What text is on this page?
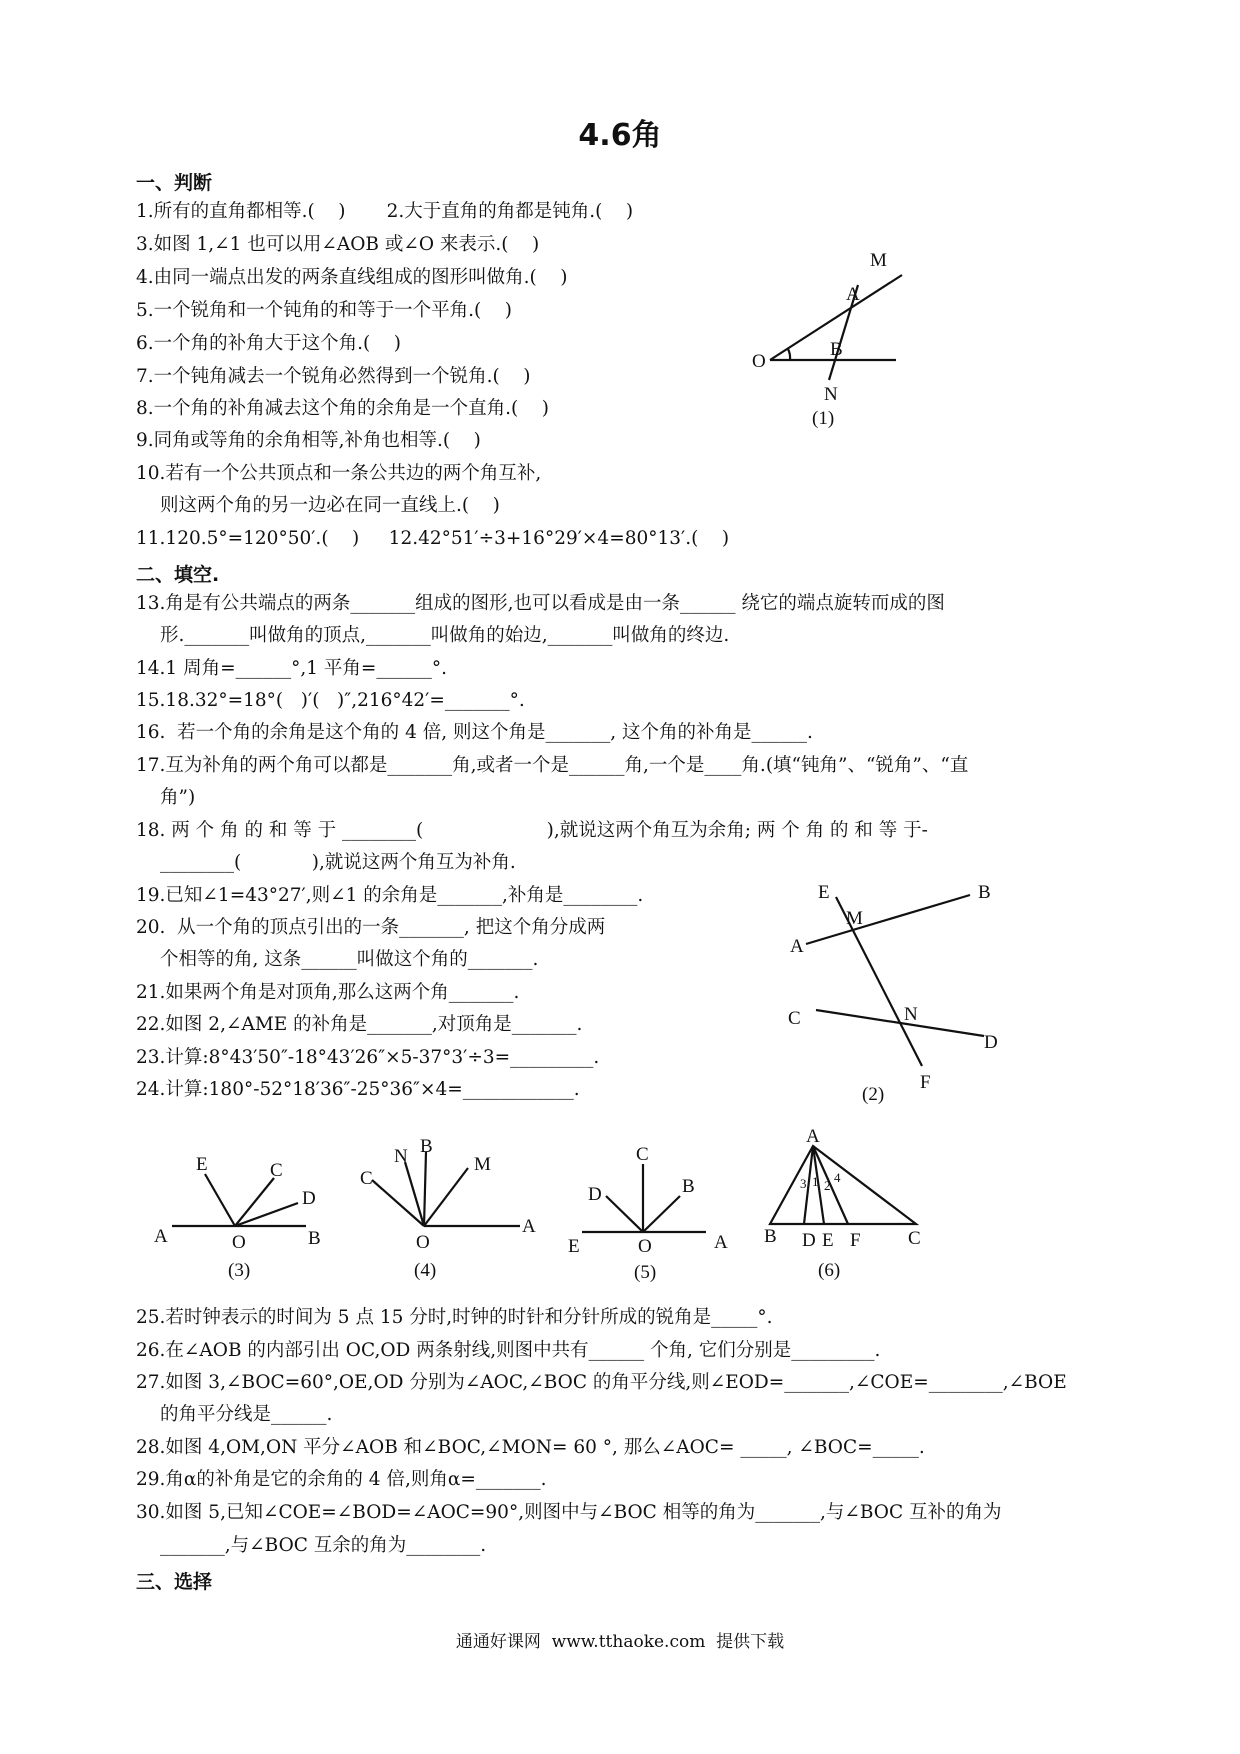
4.6角
一、判断
1.所有的直角都相等.(    )       2.大于直角的角都是钝角.(    )
3.如图 1,∠1 也可以用∠AOB 或∠O 来表示.(    )
4.由同一端点出发的两条直线组成的图形叫做角.(    )
5.一个锐角和一个钝角的和等于一个平角.(    )
6.一个角的补角大于这个角.(    )
7.一个钝角减去一个锐角必然得到一个锐角.(    )
8.一个角的补角减去这个角的余角是一个直角.(    )
9.同角或等角的余角相等,补角也相等.(    )
10.若有一个公共顶点和一条公共边的两个角互补,
则这两个角的另一边必在同一直线上.(    )
11.120.5°=120°50′.(    )     12.42°51′÷3+16°29′×4=80°13′.(    )
二、填空.
13.角是有公共端点的两条_______组成的图形,也可以看成是由一条______ 绕它的端点旋转而成的图
形._______叫做角的顶点,_______叫做角的始边,_______叫做角的终边.
14.1 周角=______°,1 平角=______°.
15.18.32°=18°(   )′(   )″,216°42′=_______°.
16.  若一个角的余角是这个角的 4 倍, 则这个角是_______, 这个角的补角是______.
17.互为补角的两个角可以都是_______角,或者一个是______角,一个是____角.(填“钝角”、“锐角”、“直
角”)
18. 两 个 角 的 和 等 于 ________(                     ),就说这两个角互为余角; 两 个 角 的 和 等 于-
________(            ),就说这两个角互为补角.
19.已知∠1=43°27′,则∠1 的余角是_______,补角是________.
20.  从一个角的顶点引出的一条_______, 把这个角分成两
个相等的角, 这条______叫做这个角的_______.
21.如果两个角是对顶角,那么这两个角_______.
22.如图 2,∠AME 的补角是_______,对顶角是_______.
23.计算:8°43′50″-18°43′26″×5-37°3′÷3=_________.
24.计算:180°-52°18′36″-25°36″×4=____________.
25.若时钟表示的时间为 5 点 15 分时,时钟的时针和分针所成的锐角是_____°.
26.在∠AOB 的内部引出 OC,OD 两条射线,则图中共有______ 个角, 它们分别是_________.
27.如图 3,∠BOC=60°,OE,OD 分别为∠AOC,∠BOC 的角平分线,则∠EOD=_______,∠COE=________,∠BOE
的角平分线是______.
28.如图 4,OM,ON 平分∠AOB 和∠BOC,∠MON= 60 °, 那么∠AOC= _____, ∠BOC=_____.
29.角α的补角是它的余角的 4 倍,则角α=_______.
30.如图 5,已知∠COE=∠BOD=∠AOC=90°,则图中与∠BOC 相等的角为_______,与∠BOC 互补的角为
_______,与∠BOC 互余的角为________.
三、选择
通通好课网  www.tthaoke.com  提供下载
M
A
O
B
N
(1)
E
M
B
A
C	N
D
F
(2)
E	C
D
A	O	B
(3)
C
N B
M
O
A
(4)
C
D	B
E	O	A
(5)
A
3 1 2
4
B D E F C
(6)
